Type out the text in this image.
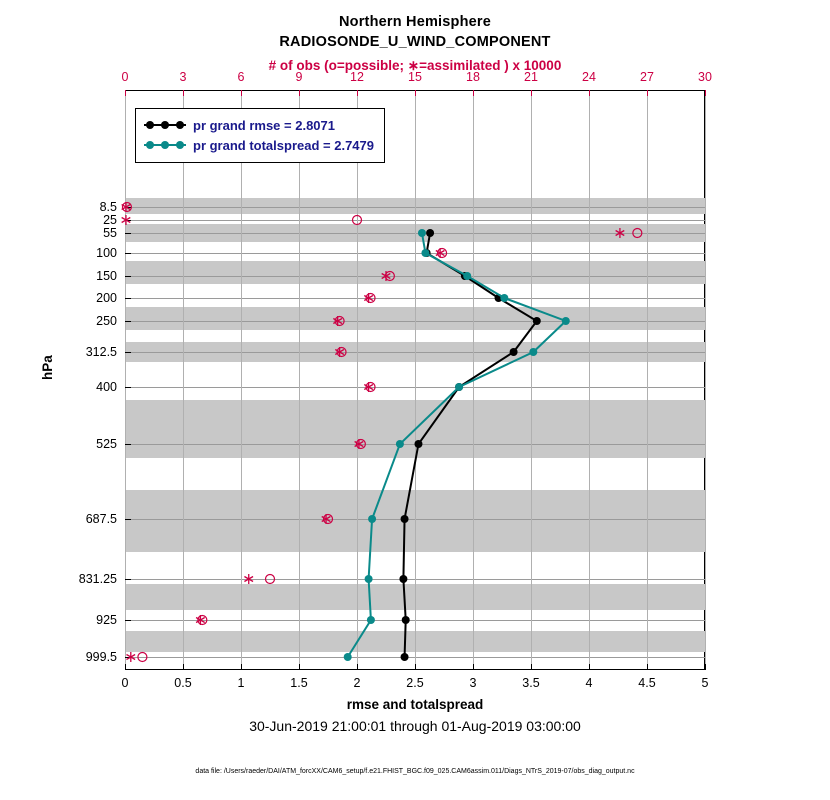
Northern Hemisphere
RADIOSONDE_U_WIND_COMPONENT
# of obs (o=possible; ∗=assimilated ) x 10000
hPa
rmse and totalspread
30-Jun-2019 21:00:01 through 01-Aug-2019 03:00:00
data file: /Users/raeder/DAI/ATM_forcXX/CAM6_setup/f.e21.FHIST_BGC.f09_025.CAM6assim.011/Diags_NTrS_2019-07/obs_diag_output.nc
0	0.5	1	1.5	2	2.5	3	3.5	4	4.5	5
0	3	6	9	12	15	18	21	24	27	30
8.5
25
55
100
150
200
250
312.5
400
525
687.5
831.25
925
999.5
pr grand rmse = 2.8071
pr grand totalspread = 2.7479
